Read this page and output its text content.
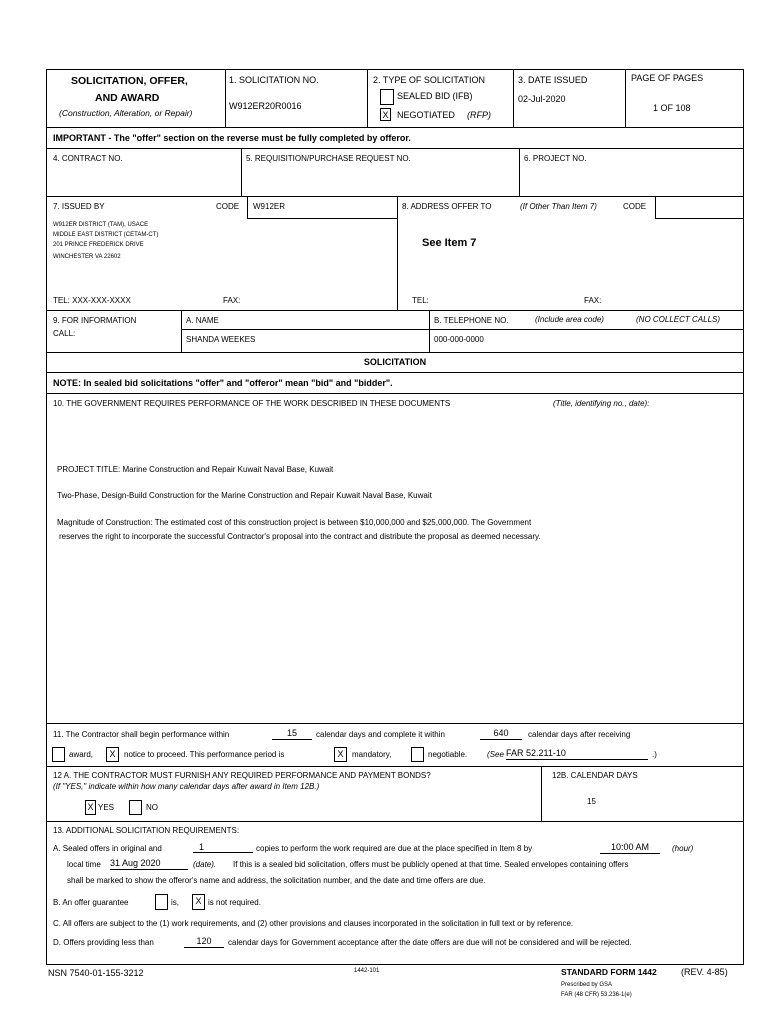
SOLICITATION, OFFER,
AND AWARD
(Construction, Alteration, or Repair)
1. SOLICITATION NO.
W912ER20R0016
2. TYPE OF SOLICITATION
SEALED BID (IFB)
X NEGOTIATED (RFP)
3. DATE ISSUED
02-Jul-2020
PAGE OF PAGES
1 OF 108
IMPORTANT - The "offer" section on the reverse must be fully completed by offeror.
4. CONTRACT NO.	5. REQUISITION/PURCHASE REQUEST NO.	6. PROJECT NO.
7. ISSUED BY	CODE W912ER
W912ER DISTRICT (TAM), USACE
MIDDLE EAST DISTRICT (CETAM-CT)
201 PRINCE FREDERICK DRIVE
WINCHESTER VA 22602
TEL: XXX-XXX-XXXX	FAX:
8. ADDRESS OFFER TO	(If Other Than Item 7)	CODE
See Item 7
TEL:	FAX:
9. FOR INFORMATION
CALL:
A. NAME
SHANDA WEEKES
B. TELEPHONE NO.	(Include area code)	(NO COLLECT CALLS)
000-000-0000
SOLICITATION
NOTE: In sealed bid solicitations "offer" and "offeror" mean "bid" and "bidder".
10. THE GOVERNMENT REQUIRES PERFORMANCE OF THE WORK DESCRIBED IN THESE DOCUMENTS	(Title, identifying no., date):
PROJECT TITLE: Marine Construction and Repair Kuwait Naval Base, Kuwait
Two-Phase, Design-Build Construction for the Marine Construction and Repair Kuwait Naval Base, Kuwait
Magnitude of Construction: The estimated cost of this construction project is between $10,000,000 and $25,000,000. The Government
reserves the right to incorporate the successful Contractor's proposal into the contract and distribute the proposal as deemed necessary.
11. The Contractor shall begin performance within	15	calendar days and complete it within	640	calendar days after receiving
award,	X	notice to proceed. This performance period is	X	mandatory,	negotiable. (See FAR 52.211-10	.)
12 A. THE CONTRACTOR MUST FURNISH ANY REQUIRED PERFORMANCE AND PAYMENT BONDS?
(If "YES," indicate within how many calendar days after award in Item 12B.)
X YES	NO
12B. CALENDAR DAYS
15
13. ADDITIONAL SOLICITATION REQUIREMENTS:
A. Sealed offers in original and	1	copies to perform the work required are due at the place specified in Item 8 by	10:00 AM	(hour)
local time 31 Aug 2020	(date). If this is a sealed bid solicitation, offers must be publicly opened at that time. Sealed envelopes containing offers
shall be marked to show the offeror's name and address, the solicitation number, and the date and time offers are due.
B. An offer guarantee	is,	X is not required.
C. All offers are subject to the (1) work requirements, and (2) other provisions and clauses incorporated in the solicitation in full text or by reference.
D. Offers providing less than	120	calendar days for Government acceptance after the date offers are due will not be considered and will be rejected.
NSN 7540-01-155-3212	1442-101	STANDARD FORM 1442	(REV. 4-85)
Prescribed by GSA
FAR (48 CFR) 53.236-1(e)
